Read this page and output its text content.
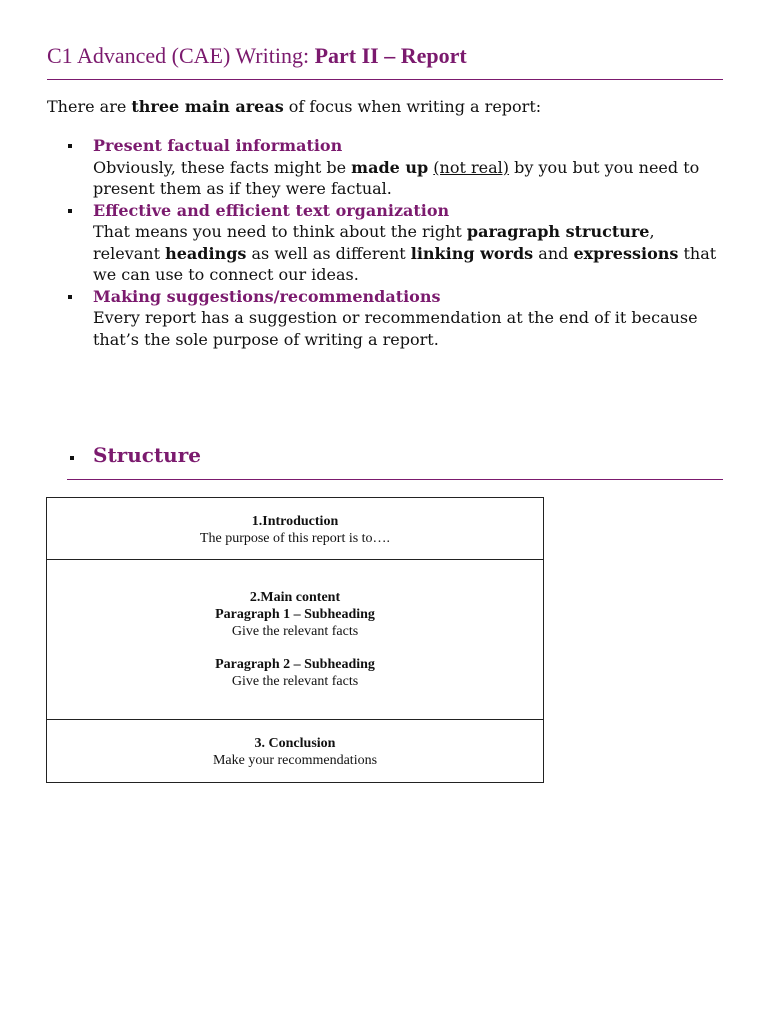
C1 Advanced (CAE) Writing: Part II – Report
There are three main areas of focus when writing a report:
Present factual information
Obviously, these facts might be made up (not real) by you but you need to present them as if they were factual.
Effective and efficient text organization
That means you need to think about the right paragraph structure, relevant headings as well as different linking words and expressions that we can use to connect our ideas.
Making suggestions/recommendations
Every report has a suggestion or recommendation at the end of it because that’s the sole purpose of writing a report.
Structure
1.Introduction
The purpose of this report is to….
2.Main content
Paragraph 1 – Subheading
Give the relevant facts
Paragraph 2 – Subheading
Give the relevant facts
3. Conclusion
Make your recommendations
